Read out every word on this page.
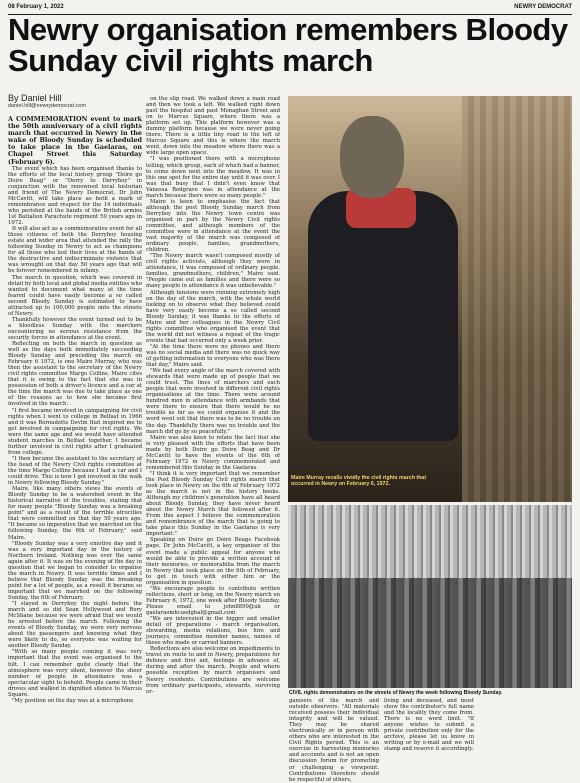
08 February 1, 2022	NEWRY DEMOCRAT
Newry organisation remembers Bloody Sunday civil rights march
By Daniel Hill
daniel.hill@newrydemocrat.com

A COMMEMORATION event to mark the 50th anniversary of a civil rights march that occurred in Newry in the wake of Bloody Sunday is scheduled to take place in the Gaelaras, on Chapel Street this Saturday (February 6).

The event which has been organised thanks to the efforts of the local history group "Doire go Doire Beag" or "Derry to Derryboy" in conjunction with the renowned local historian and friend of The Newry Democrat, Dr John McCavitt, will take place as both a mark of remembrance and respect for the 14 individuals who perished at the hands of the British armies 1st Battalion Parachute regiment 50 years ago in 1972.

It will also act as a commemorative event for all those citizens of both the Derryboy housing estate and wider area that attended the rally the following Sunday in Newry to act as champions for all those who lost their lives at the hands of the destructive and indiscriminate violence that was wrought on that day 50 years ago that will be forever remembered in infamy.

The march in question, which was covered in detail by both local and global media entities who wanted to document what many at the time feared could have easily become a so called second Bloody Sunday is estimated to have attracted up to 100,000 people onto the streets of Newry.

Thankfully however the event turned out to be a bloodless Sunday with the marchers encountering no serious resistance from the security forces in attendance at the event.

Reflecting on both the march in question as well as the days both immediately succeeding Bloody Sunday and preceding the march on February 6 1972, is one Maire Murray, who was then the assistant to the secretary of the Newry civil rights committee Margo Collins. Maire cites that it is owing to the fact that she was in possession of both a driver's licence and a car at the time the march was due to take place as one of the reasons as to how she became first involved in the march.

"I first became involved in campaigning for civil rights when I went to college in Belfast in 1966 and it was Bernadette Devlin that inspired me to get involved in campaigning for civil rights. We were the same age and we would have attended student marches in Belfast together. I became further involved in civil rights after I graduated from college.

"I then became the assistant to the secretary of the head of the Newry Civil rights committee at the time Margo Collins because I had a car and I could drive. This is how I got involved in the walk in Newry following Bloody Sunday."

Maire, like many others views the events of Bloody Sunday to be a watershed event in the historical narrative of the troubles, stating that for many people "Bloody Sunday was a breaking point" and as a result of the terrible atrocities that were committed on that day 50 years ago. "It became so imperative that we marched on the following Sunday, the 6th of February," said Maire.

"Bloody Sunday was a very emotive day and it was a very important day in the history of Northern Ireland. Nothing was ever the same again after it. It was on the evening of the day in question that we began to consider to organise the march in Newry. It was terrible times and I believe that Bloody Sunday was the breaking point for a lot of people, as a result it became so important that we marched on the following Sunday, the 6th of February.

"I stayed in Derryboy the night before the march and so did Sean Hollywood and Rory McShane because we were afraid that we would be arrested before the march. Following the events of Bloody Sunday, we were very nervous about the passengers and knowing what they were likely to do, so everyone was waiting for another Bloody Sunday.

"With so many people coming it was very important that the event was organised to the hilt. I can remember quite clearly that the atmosphere was very silent, however the sheer number of people in attendance was a spectacular sight to behold. People came in their droves and walked in dignified silence to Marcus Square.

"My position on the day was at a microphone

on the slip road. We walked down a main road and then we took a left. We walked right down past the hospital and past Monaghan Street and on to Marcus Square, where there was a platform set up. This platform however was a dummy platform because we were never going there. There is a little tiny road to the left of Marcus Square and this is where the march went, down into the meadow where there was a wide large open space.

"I was positioned there with a microphone telling, which group, each of which had a banner, to come down next into the meadow. It was in this one spot for the entire day until it was over. I was that busy that I didn't even know that Vanessa Redgrave was in attendance at the march because there were so many people."

Maire is keen to emphasise the fact that although the post Bloody Sunday march from Derryboy into the Newry town centre was organised in part by the Newry Civil rights committee, and although members of the committee were in attendance at the event the vast majority of the march was composed of ordinary people, families, grandmothers, children.

"The Newry march wasn't composed mostly of civil rights activists, although they were in attendance, it was composed of ordinary people, families, grandmothers, children," Maire said. "People came out as families and there were so many people in attendance it was unbelievable."

Although tensions were running extremely high on the day of the march, with the whole world looking on to observe what they believed could have very easily become a so called second Bloody Sunday, it was thanks to the efforts of Maire and her colleagues in the Newry Civil rights committee who organised the event that the world did not witness a repeat of the tragic events that had occurred only a week prior.

"At the time there were no phones and there was no social media and there was no quick way of getting information to everyone who was there that day," Maire said.

"We had every angle of the march covered with stewards that were made up of people that we could trust. The lines of marchers and each people that were involved in different civil rights organisations at the time. There were around hundred men in attendance with armbands that were there to ensure that there would be no trouble as far as we could organise it and the word went out that there was to be no trouble on the day. Thankfully there was no trouble and the march did go by so peacefully."

Maire was also keen to relate the fact that she is very pleased with the efforts that have been made by both Doire go Doire Beag and Dr McCavitt to have the events of the 6th of February 1972 in Newry commemorated and remembered this Sunday in the Gaelaras.

"I think it is very important that we remember the Post Bloody Sunday Civil rights march that took place in Newry on the 6th of February 1972 as the march is not in the history books. Although my children's generation have all heard about Bloody Sunday, they have never heard about the Newry March that followed after it. From this aspect I believe the commemoration and remembrance of the march that is going to take place this Sunday in the Gaelaras is very important."

Speaking on Doire go Doire Beags Facebook page, Dr John McCavitt, a key organiser of the event made a public appeal for anyone who would be able to provide a written account of their memories, or memorabilia from the march in Newry that took place on the 6th of February, to get in touch with either him or the organisation in question.

"We encourage people to contribute written reflections, short or long, on the Newry march on February 6, 1972, one week after Bloody Sunday. Please email to john8899@uk or gaelaraomhcaedghal@gmail.com

"We are interested in the bigger and smaller detail of preparations - march organisation, stewarding, media relations, bus hire and journeys, committee member names, names of those who made or carried banners.

Reflections are also welcome on impediments to travel en route to and in Newry, preparations for defence and first aid, feelings in advance of, during and after the march. People and where possible reception by march organisers and Newry residents. Contributions are welcome from ordinary participants, stewards, surviving or-

Maire Murray recalls vividly the civil rights march that occurred in Newry on February 6, 1972.
CIVIL rights demonstrators on the streets of Newry the week following Bloody Sunday.
ganisers of the march and outside observers. "All materials received possess their individual integrity and will be valued. They may be shared electronically or in person with others who are interested in the Civil Rights period. This is an exercise in harvesting memories and accounts and is not an open discussion forum for promoting or challenging a viewpoint. Contributions therefore should be respectful of others,
living and deceased, and must show the contributor's full name and the locality they come from. There is no word limit. "If anyone wishes to submit a private contribution only for the archive, please let us know in writing or by e-mail and we will stamp and reserve it accordingly.
